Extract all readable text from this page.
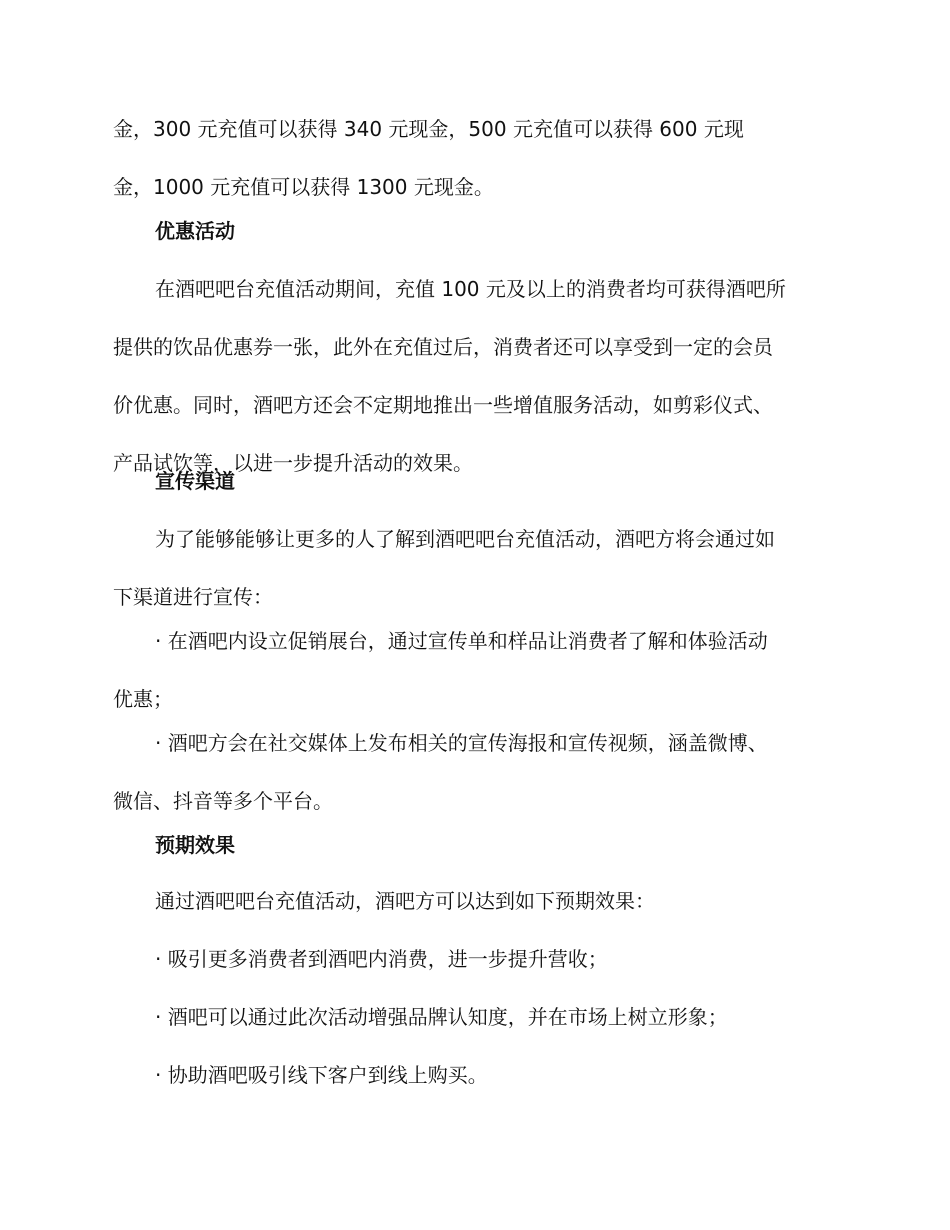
金，300 元充值可以获得 340 元现金，500 元充值可以获得 600 元现
金，1000 元充值可以获得 1300 元现金。
优惠活动
在酒吧吧台充值活动期间，充值 100 元及以上的消费者均可获得酒吧所
提供的饮品优惠券一张，此外在充值过后，消费者还可以享受到一定的会员
价优惠。同时，酒吧方还会不定期地推出一些增值服务活动，如剪彩仪式、
产品试饮等，以进一步提升活动的效果。
宣传渠道
为了能够能够让更多的人了解到酒吧吧台充值活动，酒吧方将会通过如
下渠道进行宣传：
· 在酒吧内设立促销展台，通过宣传单和样品让消费者了解和体验活动
优惠；
· 酒吧方会在社交媒体上发布相关的宣传海报和宣传视频，涵盖微博、
微信、抖音等多个平台。
预期效果
通过酒吧吧台充值活动，酒吧方可以达到如下预期效果：
· 吸引更多消费者到酒吧内消费，进一步提升营收；
· 酒吧可以通过此次活动增强品牌认知度，并在市场上树立形象；
· 协助酒吧吸引线下客户到线上购买。
